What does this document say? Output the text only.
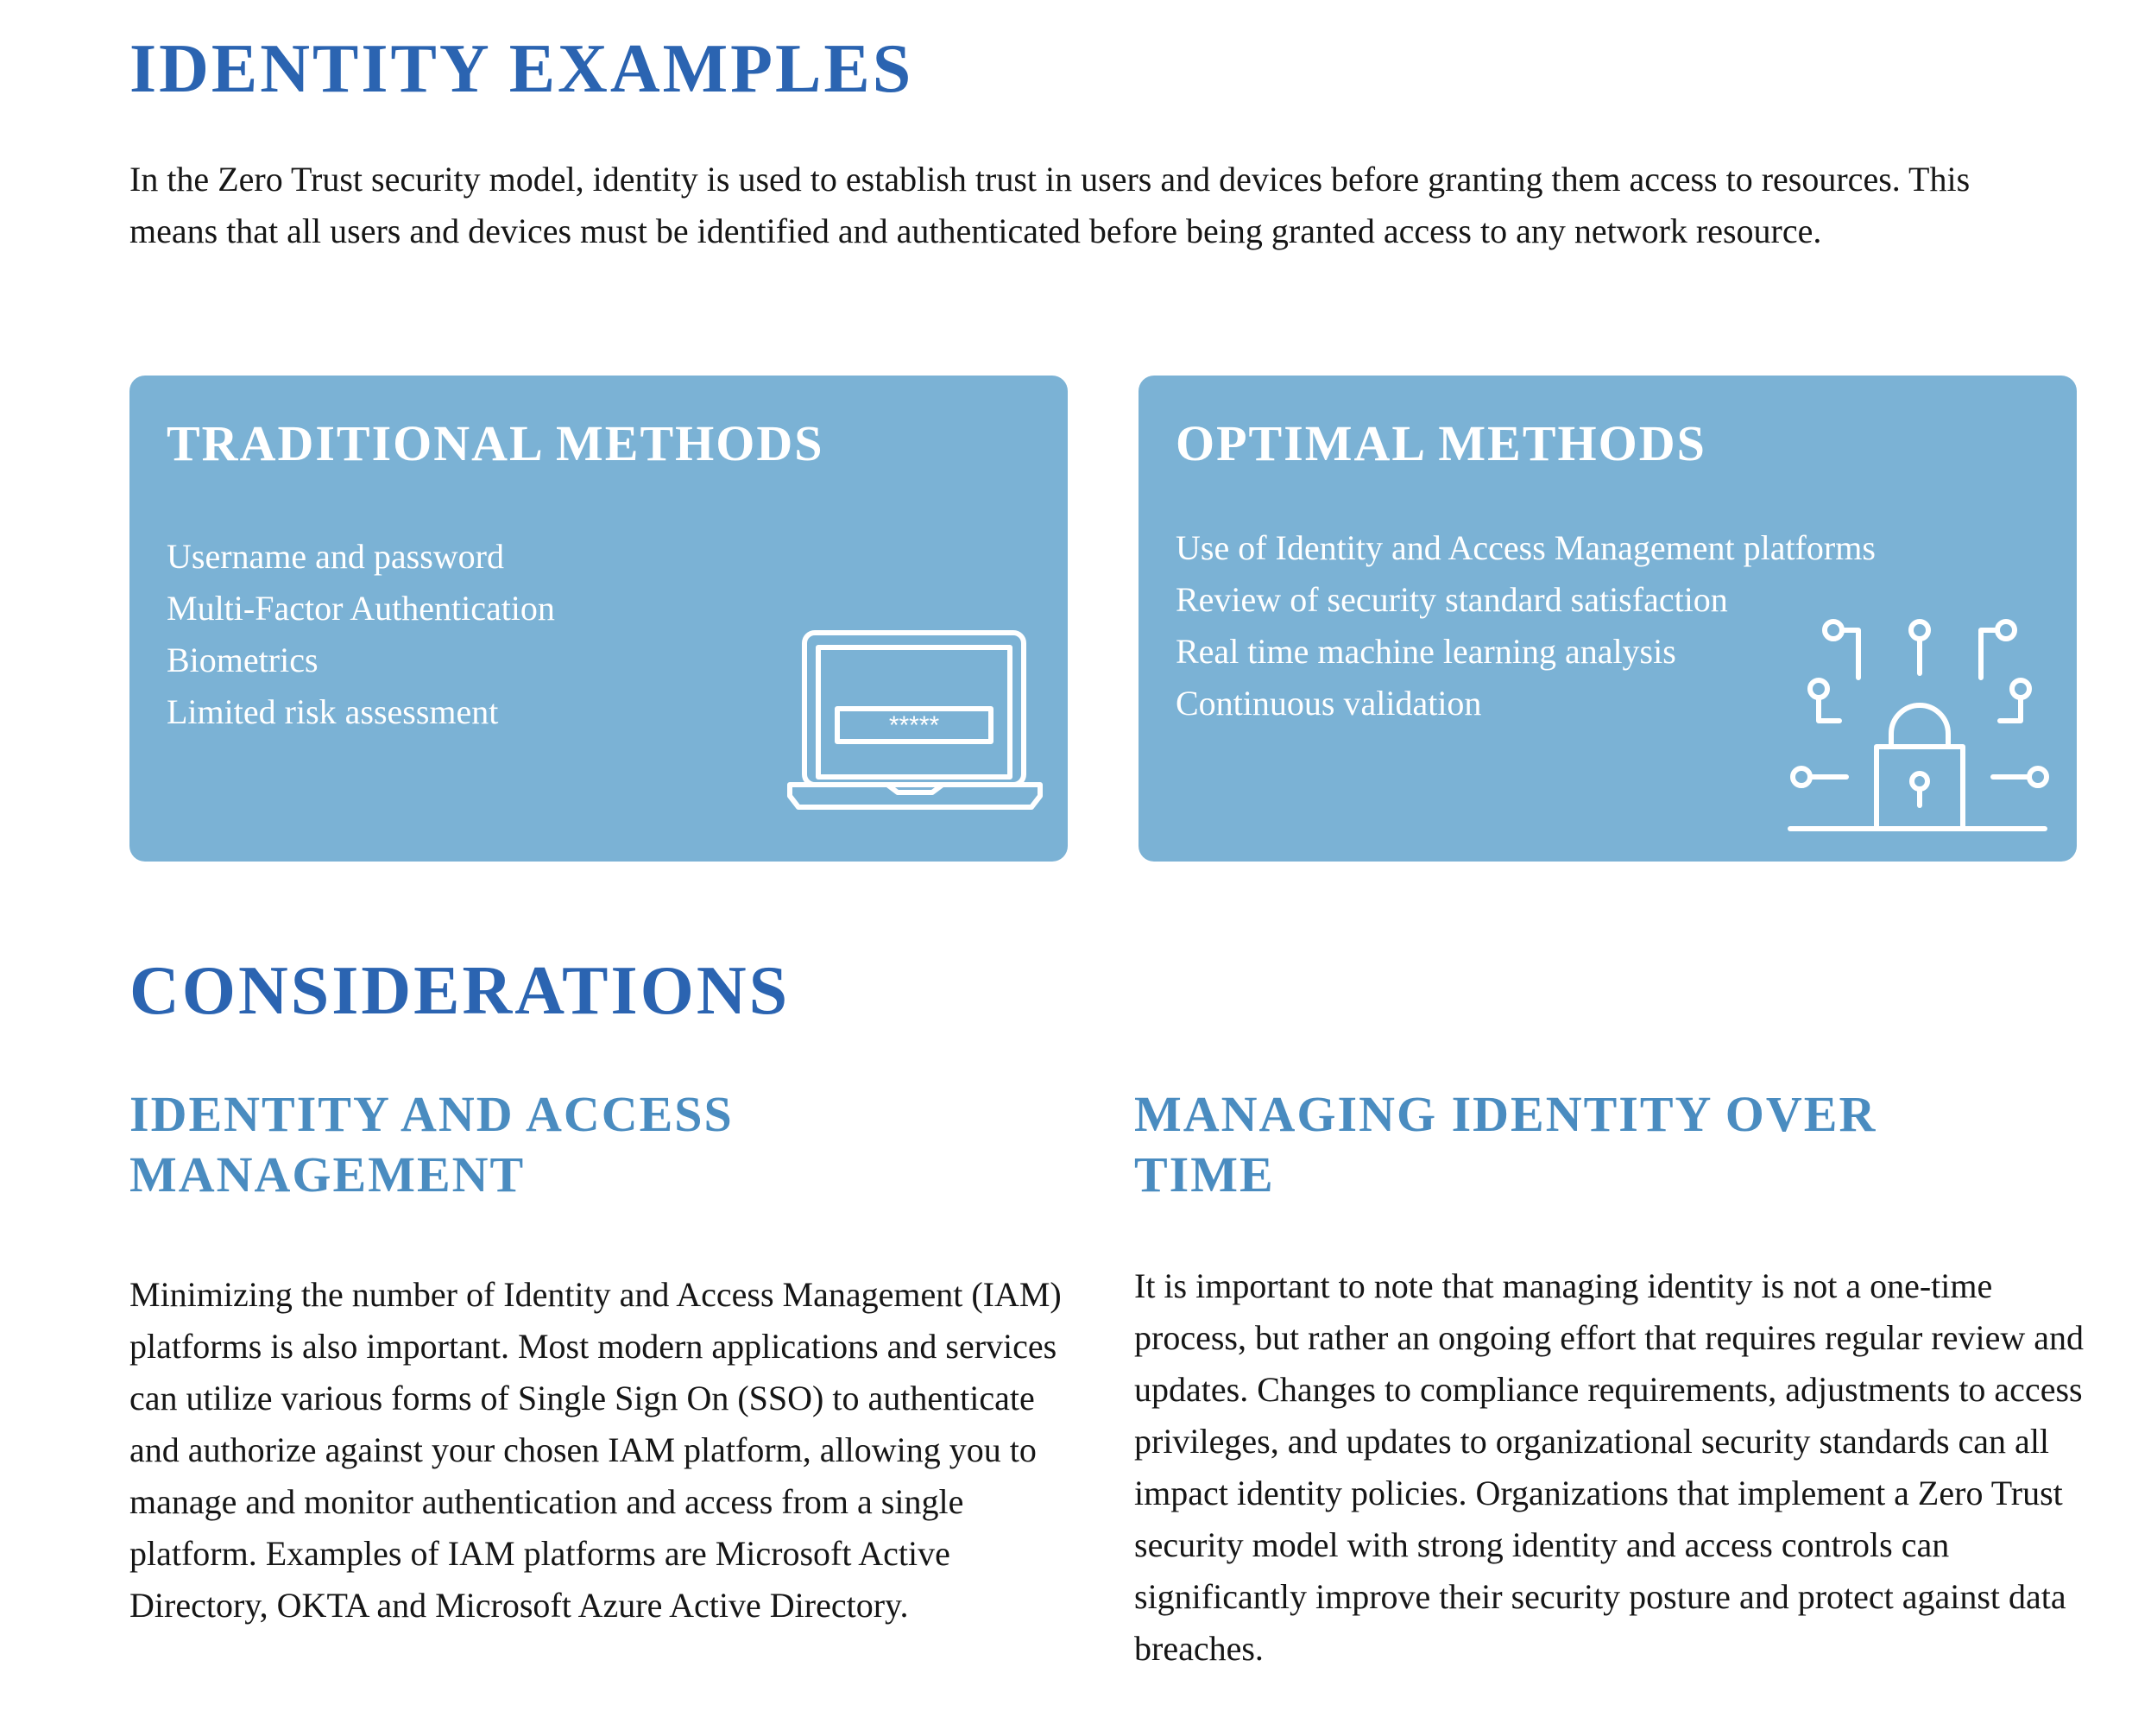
IDENTITY EXAMPLES

In the Zero Trust security model, identity is used to establish trust in users and devices before granting them access to resources. This means that all users and devices must be identified and authenticated before being granted access to any network resource.

TRADITIONAL METHODS
Username and password
Multi-Factor Authentication
Biometrics
Limited risk assessment	*****
OPTIMAL METHODS
Use of Identity and Access Management platforms
Review of security standard satisfaction
Real time machine learning analysis
Continuous validation
CONSIDERATIONS
IDENTITY AND ACCESS MANAGEMENT

Minimizing the number of Identity and Access Management (IAM) platforms is also important. Most modern applications and services can utilize various forms of Single Sign On (SSO) to authenticate and authorize against your chosen IAM platform, allowing you to manage and monitor authentication and access from a single platform. Examples of IAM platforms are Microsoft Active Directory, OKTA and Microsoft Azure Active Directory.

MANAGING IDENTITY OVER TIME

It is important to note that managing identity is not a one-time process, but rather an ongoing effort that requires regular review and updates. Changes to compliance requirements, adjustments to access privileges, and updates to organizational security standards can all impact identity policies. Organizations that implement a Zero Trust security model with strong identity and access controls can significantly improve their security posture and protect against data breaches.
